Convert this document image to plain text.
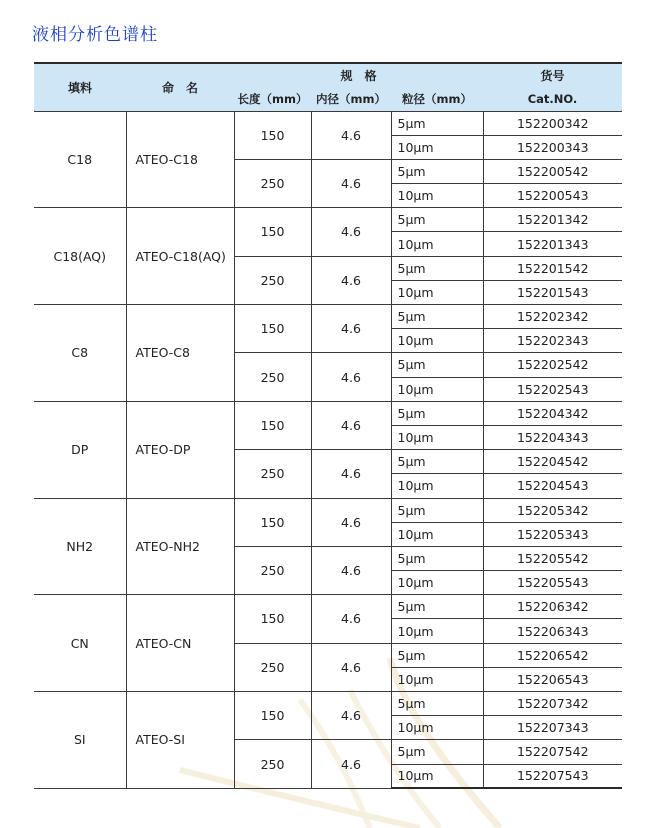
液相分析色谱柱
填料	命　名	规　格			货号
		长度（mm）	内径（mm）	粒径（mm）	Cat.NO.
C18	ATEO-C18	150	4.6	5μm	152200342
				10μm	152200343
		250	4.6	5μm	152200542
				10μm	152200543
C18(AQ)	ATEO-C18(AQ)	150	4.6	5μm	152201342
				10μm	152201343
		250	4.6	5μm	152201542
				10μm	152201543
C8	ATEO-C8	150	4.6	5μm	152202342
				10μm	152202343
		250	4.6	5μm	152202542
				10μm	152202543
DP	ATEO-DP	150	4.6	5μm	152204342
				10μm	152204343
		250	4.6	5μm	152204542
				10μm	152204543
NH2	ATEO-NH2	150	4.6	5μm	152205342
				10μm	152205343
		250	4.6	5μm	152205542
				10μm	152205543
CN	ATEO-CN	150	4.6	5μm	152206342
				10μm	152206343
		250	4.6	5μm	152206542
				10μm	152206543
SI	ATEO-SI	150	4.6	5μm	152207342
				10μm	152207343
		250	4.6	5μm	152207542
				10μm	152207543
